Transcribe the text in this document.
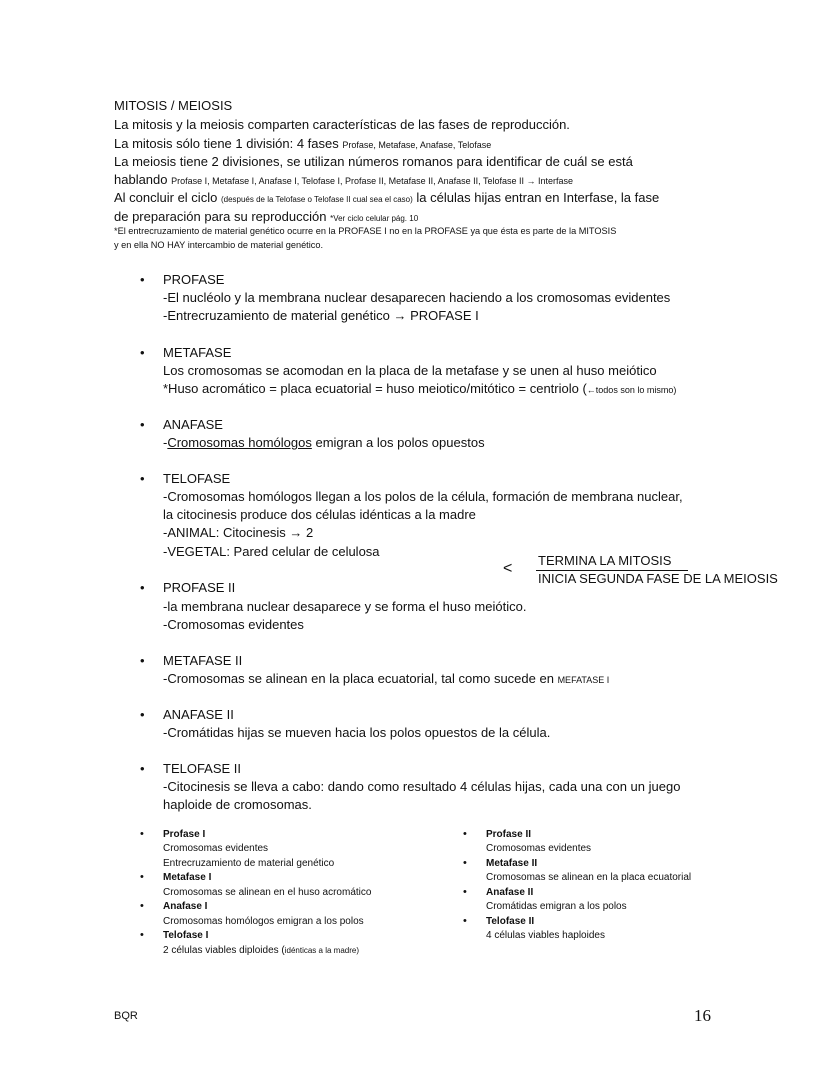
MITOSIS / MEIOSIS
La mitosis y la meiosis comparten características de las fases de reproducción.
La mitosis sólo tiene 1 división: 4 fases Profase, Metafase, Anafase, Telofase
La meiosis tiene 2 divisiones, se utilizan números romanos para identificar de cuál se está
hablando Profase I, Metafase I, Anafase I, Telofase I, Profase II, Metafase II, Anafase II, Telofase II → Interfase
Al concluir el ciclo (después de la Telofase o Telofase II cual sea el caso) la células hijas entran en Interfase, la fase
de preparación para su reproducción *Ver ciclo celular pág. 10
*El entrecruzamiento de material genético ocurre en la PROFASE I no en la PROFASE ya que ésta es parte de la MITOSIS
y en ella NO HAY intercambio de material genético.
• PROFASE
-El nucléolo y la membrana nuclear desaparecen haciendo a los cromosomas evidentes
-Entrecruzamiento de material genético → PROFASE I
• METAFASE
Los cromosomas se acomodan en la placa de la metafase y se unen al huso meiótico
*Huso acromático = placa ecuatorial = huso meiotico/mitótico = centriolo (←todos son lo mismo)
• ANAFASE
-Cromosomas homólogos emigran a los polos opuestos
• TELOFASE
-Cromosomas homólogos llegan a los polos de la célula, formación de membrana nuclear,
la citocinesis produce dos células idénticas a la madre
-ANIMAL: Citocinesis → 2
-VEGETAL: Pared celular de celulosa
TERMINA LA MITOSIS
<
INICIA SEGUNDA FASE DE LA MEIOSIS
• PROFASE II
-la membrana nuclear desaparece y se forma el huso meiótico.
-Cromosomas evidentes
• METAFASE II
-Cromosomas se alinean en la placa ecuatorial, tal como sucede en MEFATASE I
• ANAFASE II
-Cromátidas hijas se mueven hacia los polos opuestos de la célula.
• TELOFASE II
-Citocinesis se lleva a cabo: dando como resultado 4 células hijas, cada una con un juego
haploide de cromosomas.
• Profase I
Cromosomas evidentes
Entrecruzamiento de material genético
• Metafase I
Cromosomas se alinean en el huso acromático
• Anafase I
Cromosomas homólogos emigran a los polos
• Telofase I
2 células viables diploides (idénticas a la madre)
• Profase II
Cromosomas evidentes
• Metafase II
Cromosomas se alinean en la placa ecuatorial
• Anafase II
Cromátidas emigran a los polos
• Telofase II
4 células viables haploides
BQR	16
